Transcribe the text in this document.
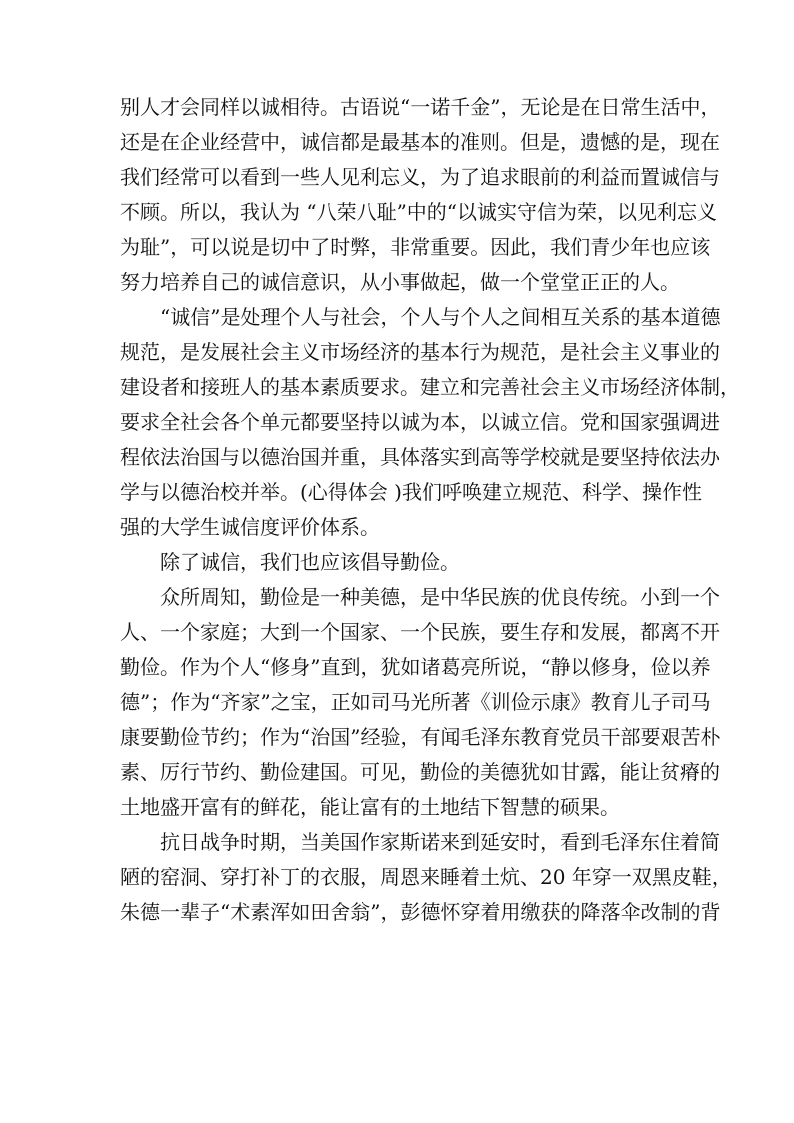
别人才会同样以诚相待。古语说“一诺千金”，无论是在日常生活中，
还是在企业经营中，诚信都是最基本的准则。但是，遗憾的是，现在
我们经常可以看到一些人见利忘义，为了追求眼前的利益而置诚信与
不顾。所以，我认为 “八荣八耻”中的“以诚实守信为荣，以见利忘义
为耻”，可以说是切中了时弊，非常重要。因此，我们青少年也应该
努力培养自己的诚信意识，从小事做起，做一个堂堂正正的人。
“诚信”是处理个人与社会，个人与个人之间相互关系的基本道德
规范，是发展社会主义市场经济的基本行为规范，是社会主义事业的
建设者和接班人的基本素质要求。建立和完善社会主义市场经济体制，
要求全社会各个单元都要坚持以诚为本，以诚立信。党和国家强调进
程依法治国与以德治国并重，具体落实到高等学校就是要坚持依法办
学与以德治校并举。(心得体会 )我们呼唤建立规范、科学、操作性
强的大学生诚信度评价体系。
除了诚信，我们也应该倡导勤俭。
众所周知，勤俭是一种美德，是中华民族的优良传统。小到一个
人、一个家庭；大到一个国家、一个民族，要生存和发展，都离不开
勤俭。作为个人“修身”直到，犹如诸葛亮所说，“静以修身，俭以养
德”；作为“齐家”之宝，正如司马光所著《训俭示康》教育儿子司马
康要勤俭节约；作为“治国”经验，有闻毛泽东教育党员干部要艰苦朴
素、厉行节约、勤俭建国。可见，勤俭的美德犹如甘露，能让贫瘠的
土地盛开富有的鲜花，能让富有的土地结下智慧的硕果。
抗日战争时期，当美国作家斯诺来到延安时，看到毛泽东住着简
陋的窑洞、穿打补丁的衣服，周恩来睡着土炕、20 年穿一双黑皮鞋，
朱德一辈子“术素浑如田舍翁”，彭德怀穿着用缴获的降落伞改制的背
